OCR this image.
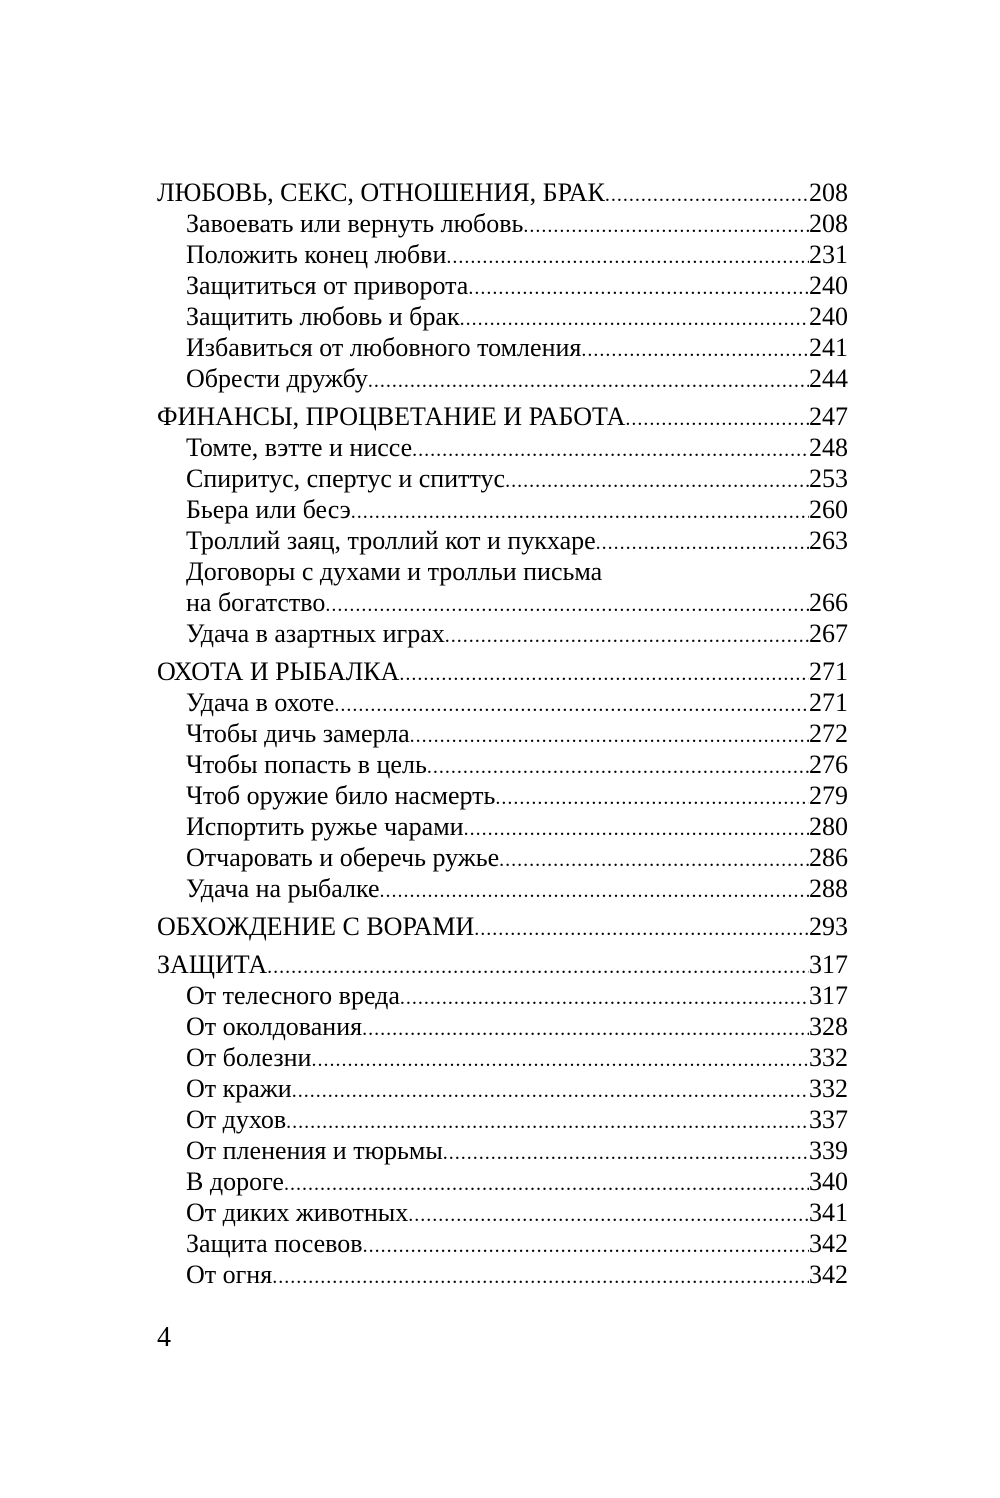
ЛЮБОВЬ, СЕКС, ОТНОШЕНИЯ, БРАК .....	208
Завоевать или вернуть любовь .....	208
Положить конец любви .....	231
Защититься от приворота .....	240
Защитить любовь и брак .....	240
Избавиться от любовного томления .....	241
Обрести дружбу .....	244
ФИНАНСЫ, ПРОЦВЕТАНИЕ И РАБОТА .....	247
Томте, вэтте и ниссе .....	248
Спиритус, спертус и спиттус .....	253
Бьера или бесэ .....	260
Троллий заяц, троллий кот и пукхаре .....	263
Договоры с духами и тролльи письма
на богатство .....	266
Удача в азартных играх .....	267
ОХОТА И РЫБАЛКА .....	271
Удача в охоте .....	271
Чтобы дичь замерла .....	272
Чтобы попасть в цель .....	276
Чтоб оружие било насмерть .....	279
Испортить ружье чарами .....	280
Отчаровать и оберечь ружье .....	286
Удача на рыбалке .....	288
ОБХОЖДЕНИЕ С ВОРАМИ .....	293
ЗАЩИТА .....	317
От телесного вреда .....	317
От околдования .....	328
От болезни .....	332
От кражи .....	332
От духов .....	337
От пленения и тюрьмы .....	339
В дороге .....	340
От диких животных .....	341
Защита посевов .....	342
От огня .....	342
4
